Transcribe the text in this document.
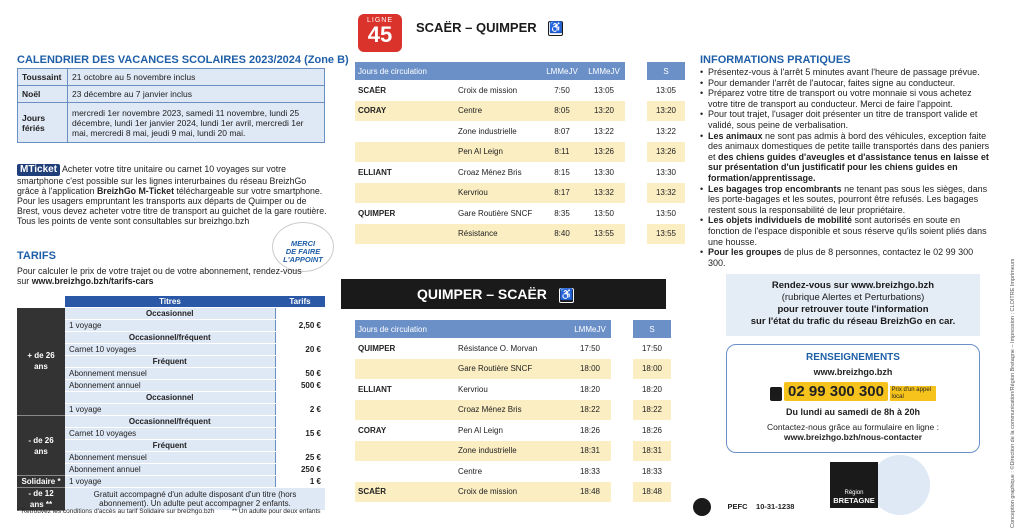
CALENDRIER DES VACANCES SCOLAIRES 2023/2024 (Zone B)
Toussaint	21 octobre au 5 novembre inclus
Noël	23 décembre au 7 janvier inclus
Jours fériés	mercredi 1er novembre 2023, samedi 11 novembre, lundi 25 décembre, lundi 1er janvier 2024, lundi 1er avril, mercredi 1er mai, mercredi 8 mai, jeudi 9 mai, lundi 20 mai.
MTicket Acheter votre titre unitaire ou carnet 10 voyages sur votre smartphone c'est possible sur les lignes interurbaines du réseau BreizhGo grâce à l'application BreizhGo M-Ticket téléchargeable sur votre smartphone.
Pour les usagers empruntant les transports aux départs de Quimper ou de Brest, vous devez acheter votre titre de transport au guichet de la gare routière.
Tous les points de vente sont consultables sur breizhgo.bzh
MERCI
DE FAIRE
L'APPOINT
TARIFS
Pour calculer le prix de votre trajet ou de votre abonnement, rendez-vous sur www.breizhgo.bzh/tarifs-cars
	Titres	Tarifs
+ de 26 ans	Occasionnel	
	1 voyage	2,50 €
	Occasionnel/fréquent	
	Carnet 10 voyages	20 €
	Fréquent	
	Abonnement mensuel	50 €
	Abonnement annuel	500 €
	Occasionnel	
	1 voyage	2 €
- de 26 ans	Occasionnel/fréquent	
	Carnet 10 voyages	15 €
	Fréquent	
	Abonnement mensuel	25 €
	Abonnement annuel	250 €

Solidaire *	1 voyage	1 €
- de 12 ans **	Gratuit accompagné d'un adulte disposant d'un titre (hors abonnement). Un adulte peut accompagner 2 enfants.	
* Retrouvez les conditions d'accès au tarif Solidaire sur breizhgo.bzh	** Un adulte pour deux enfants
LIGNE
45	SCAËR – QUIMPER ♿
Jours de circulation		LMMeJV	LMMeJV		S
SCAËR	Croix de mission	7:50	13:05		13:05
CORAY	Centre	8:05	13:20		13:20
	Zone industrielle	8:07	13:22		13:22
	Pen Al Leign	8:11	13:26		13:26
ELLIANT	Croaz Ménez Bris	8:15	13:30		13:30
	Kervriou	8:17	13:32		13:32
QUIMPER	Gare Routière SNCF	8:35	13:50		13:50
	Résistance	8:40	13:55		13:55
QUIMPER – SCAËR ♿
Jours de circulation		LMMeJV		S
QUIMPER	Résistance O. Morvan	17:50		17:50
	Gare Routière SNCF	18:00		18:00
ELLIANT	Kervriou	18:20		18:20
	Croaz Ménez Bris	18:22		18:22
CORAY	Pen Al Leign	18:26		18:26
	Zone industrielle	18:31		18:31
	Centre	18:33		18:33
SCAËR	Croix de mission	18:48		18:48
INFORMATIONS PRATIQUES
• Présentez-vous à l'arrêt 5 minutes avant l'heure de passage prévue.
• Pour demander l'arrêt de l'autocar, faites signe au conducteur.
• Préparez votre titre de transport ou votre monnaie si vous achetez votre titre de transport au conducteur. Merci de faire l'appoint.
• Pour tout trajet, l'usager doit présenter un titre de transport valide et validé, sous peine de verbalisation.
• Les animaux ne sont pas admis à bord des véhicules, exception faite des animaux domestiques de petite taille transportés dans des paniers et des chiens guides d'aveugles et d'assistance tenus en laisse et sur présentation d'un justificatif pour les chiens guides en formation/apprentissage.
• Les bagages trop encombrants ne tenant pas sous les sièges, dans les porte-bagages et les soutes, pourront être refusés. Les bagages restent sous la responsabilité de leur propriétaire.
• Les objets individuels de mobilité sont autorisés en soute en fonction de l'espace disponible et sous réserve qu'ils soient pliés dans une housse.
• Pour les groupes de plus de 8 personnes, contactez le 02 99 300 300.
Rendez-vous sur www.breizhgo.bzh
(rubrique Alertes et Perturbations)
pour retrouver toute l'information
sur l'état du trafic du réseau BreizhGo en car.
RENSEIGNEMENTS
www.breizhgo.bzh
02 99 300 300 Prix d'un appel local
Du lundi au samedi de 8h à 20h
Contactez-nous grâce au formulaire en ligne :
www.breizhgo.bzh/nous-contacter
Région
BRETAGNE
PEFC 10-31-1238	Conception graphique : ©Direction de la communication/Région Bretagne – Impression : CLOITRE Imprimeurs
